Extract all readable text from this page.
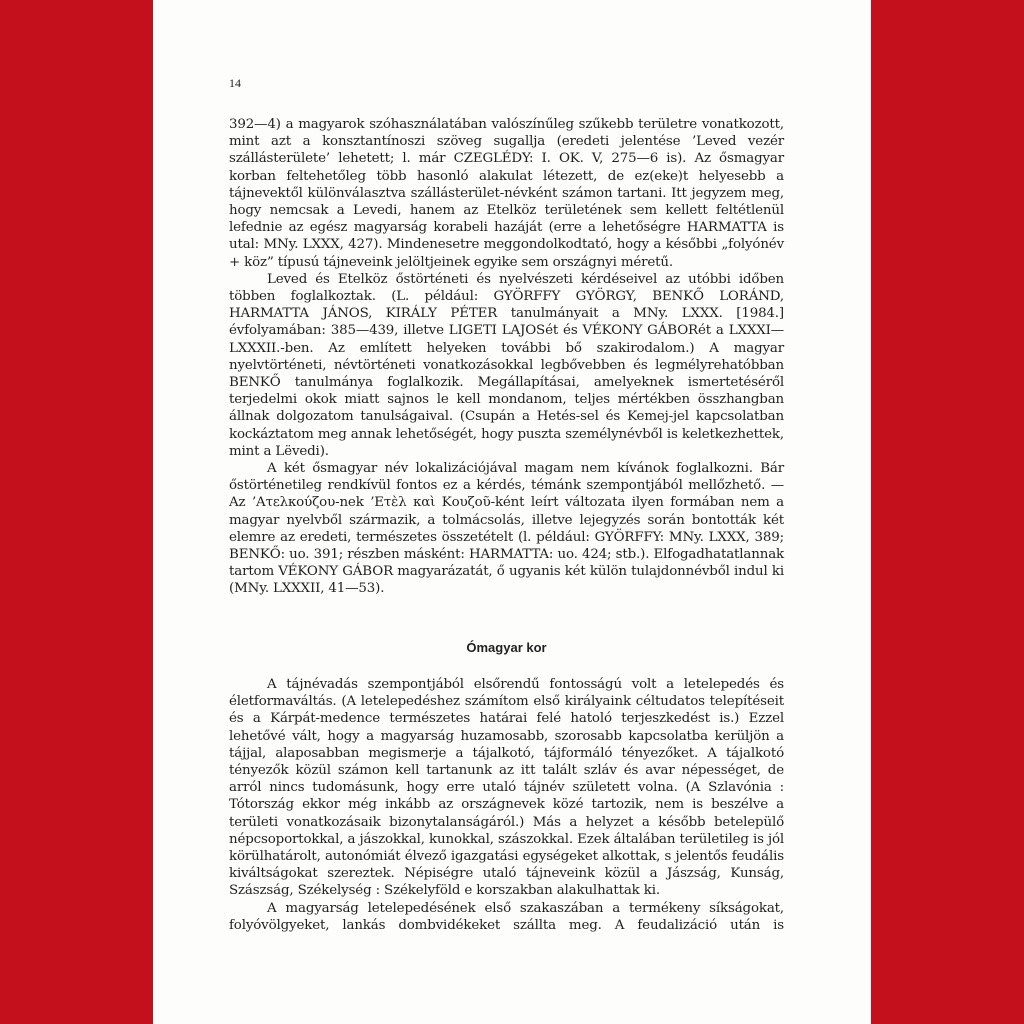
14

392—4) a magyarok szóhasználatában valószínűleg szűkebb területre vonatkozott, mint azt a konsztantínoszi szöveg sugallja (eredeti jelentése ’Leved vezér szállásterülete’ lehetett; l. már CZEGLÉDY: I. OK. V, 275—6 is). Az ősmagyar korban feltehetőleg több hasonló alakulat létezett, de ez(eke)t helyesebb a tájnevektől különválasztva szállásterület-névként számon tartani. Itt jegyzem meg, hogy nemcsak a Levedi, hanem az Etelköz területének sem kellett feltétlenül lefednie az egész magyarság korabeli hazáját (erre a lehetőségre HARMATTA is utal: MNy. LXXX, 427). Mindenesetre meggondolkodtató, hogy a későbbi „folyónév + köz” típusú tájneveink jelöltjeinek egyike sem országnyi méretű.

Leved és Etelköz őstörténeti és nyelvészeti kérdéseivel az utóbbi időben többen foglalkoztak. (L. például: GYÖRFFY GYÖRGY, BENKŐ LORÁND, HARMATTA JÁNOS, KIRÁLY PÉTER tanulmányait a MNy. LXXX. [1984.] évfolyamában: 385—439, illetve LIGETI LAJOSét és VÉKONY GÁBORét a LXXXI—LXXXII.-ben. Az említett helyeken további bő szakirodalom.) A magyar nyelvtörténeti, névtörténeti vonatkozásokkal legbővebben és legmélyrehatóbban BENKŐ tanulmánya foglalkozik. Megállapításai, amelyeknek ismertetéséről terjedelmi okok miatt sajnos le kell mondanom, teljes mértékben összhangban állnak dolgozatom tanulságaival. (Csupán a Hetés-sel és Kemej-jel kapcsolatban kockáztatom meg annak lehetőségét, hogy puszta személynévből is keletkezhettek, mint a Lëvedi).

A két ősmagyar név lokalizációjával magam nem kívánok foglalkozni. Bár őstörténetileg rendkívül fontos ez a kérdés, témánk szempontjából mellőzhető. — Az ’Ατελκούζου-nek ’Ετὲλ καὶ Κουζοῦ-ként leírt változata ilyen formában nem a magyar nyelvből származik, a tolmácsolás, illetve lejegyzés során bontották két elemre az eredeti, természetes összetételt (l. például: GYÖRFFY: MNy. LXXX, 389; BENKŐ: uo. 391; részben másként: HARMATTA: uo. 424; stb.). Elfogadhatatlannak tartom VÉKONY GÁBOR magyarázatát, ő ugyanis két külön tulajdonnévből indul ki (MNy. LXXXII, 41—53).

Ómagyar kor

A tájnévadás szempontjából elsőrendű fontosságú volt a letelepedés és életformaváltás. (A letelepedéshez számítom első királyaink céltudatos telepítéseit és a Kárpát-medence természetes határai felé hatoló terjeszkedést is.) Ezzel lehetővé vált, hogy a magyarság huzamosabb, szorosabb kapcsolatba kerüljön a tájjal, alaposabban megismerje a tájalkotó, tájformáló tényezőket. A tájalkotó tényezők közül számon kell tartanunk az itt talált szláv és avar népességet, de arról nincs tudomásunk, hogy erre utaló tájnév született volna. (A Szlavónia : Tótország ekkor még inkább az országnevek közé tartozik, nem is beszélve a területi vonatkozásaik bizonytalanságáról.) Más a helyzet a később betelepülő népcsoportokkal, a jászokkal, kunokkal, szászokkal. Ezek általában területileg is jól körülhatárolt, autonómiát élvező igazgatási egységeket alkottak, s jelentős feudális kiváltságokat szereztek. Népiségre utaló tájneveink közül a Jászság, Kunság, Szászság, Székelység : Székelyföld e korszakban alakulhattak ki.

A magyarság letelepedésének első szakaszában a termékeny síkságokat, folyóvölgyeket, lankás dombvidékeket szállta meg. A feudalizáció után is
